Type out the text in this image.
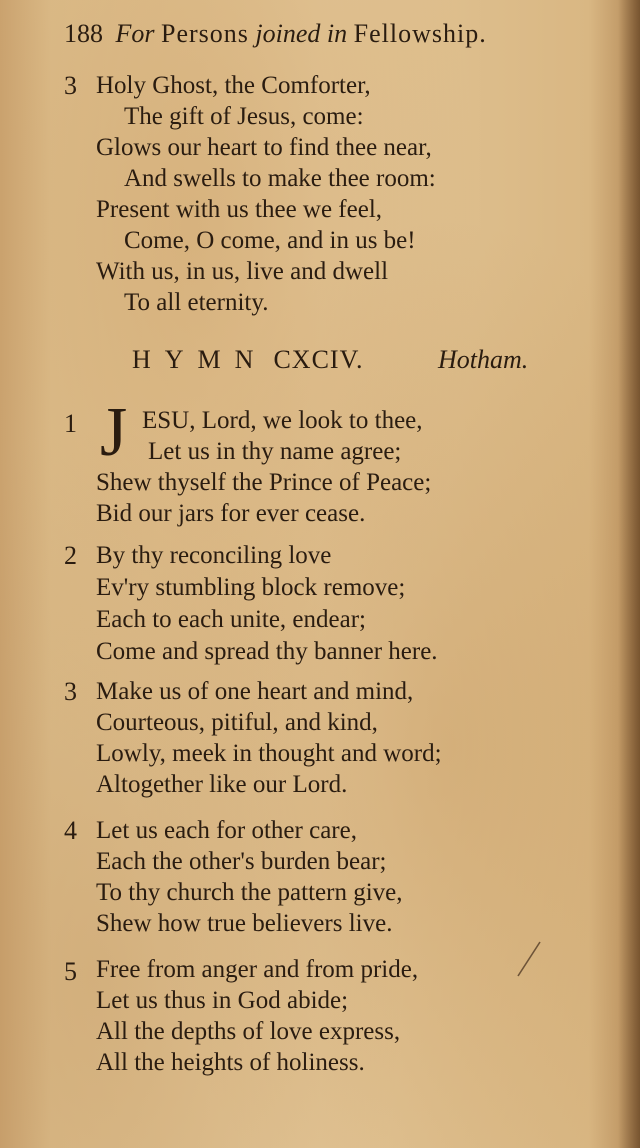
188 For Persons joined in Fellowship.
3 Holy Ghost, the Comforter,
The gift of Jesus, come:
Glows our heart to find thee near,
And swells to make thee room:
Present with us thee we feel,
Come, O come, and in us be!
With us, in us, live and dwell
To all eternity.
HYMN CXCIV.	Hotham.
1 J ESU, Lord, we look to thee,
Let us in thy name agree;
Shew thyself the Prince of Peace;
Bid our jars for ever cease.
2 By thy reconciling love
Ev'ry stumbling block remove;
Each to each unite, endear;
Come and spread thy banner here.
3 Make us of one heart and mind,
Courteous, pitiful, and kind,
Lowly, meek in thought and word;
Altogether like our Lord.
4 Let us each for other care,
Each the other's burden bear;
To thy church the pattern give,
Shew how true believers live.
5 Free from anger and from pride,
Let us thus in God abide;
All the depths of love express,
All the heights of holiness.
